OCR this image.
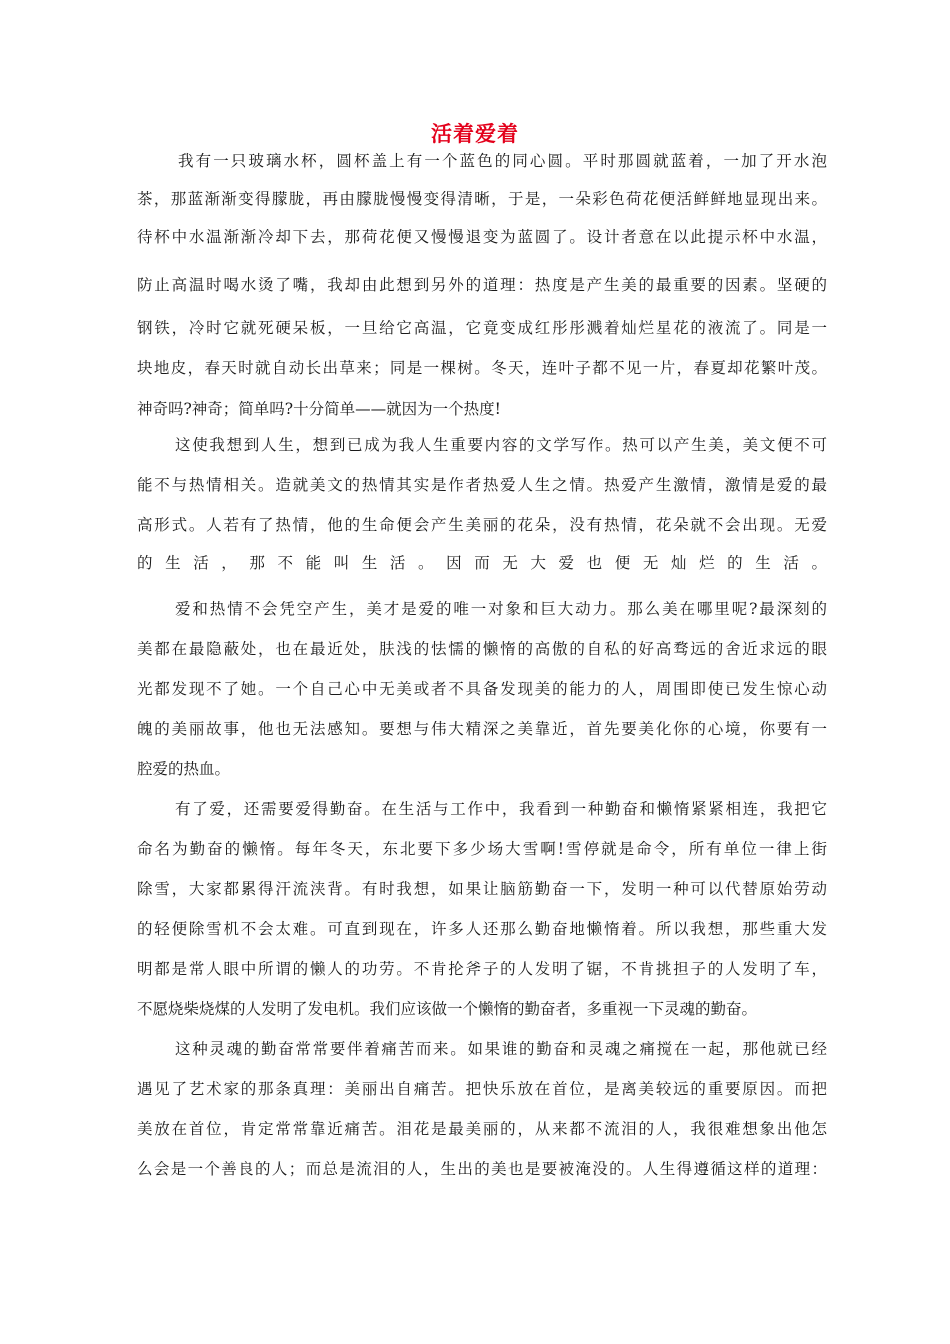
活着爱着
我有一只玻璃水杯，圆杯盖上有一个蓝色的同心圆。平时那圆就蓝着，一加了开水泡
茶，那蓝渐渐变得朦胧，再由朦胧慢慢变得清晰，于是，一朵彩色荷花便活鲜鲜地显现出来。
待杯中水温渐渐冷却下去，那荷花便又慢慢退变为蓝圆了。设计者意在以此提示杯中水温，
防止高温时喝水烫了嘴，我却由此想到另外的道理：热度是产生美的最重要的因素。坚硬的
钢铁，冷时它就死硬呆板，一旦给它高温，它竟变成红彤彤溅着灿烂星花的液流了。同是一
块地皮，春天时就自动长出草来；同是一棵树。冬天，连叶子都不见一片，春夏却花繁叶茂。
神奇吗?神奇；简单吗?十分简单——就因为一个热度!
这使我想到人生，想到已成为我人生重要内容的文学写作。热可以产生美，美文便不可
能不与热情相关。造就美文的热情其实是作者热爱人生之情。热爱产生激情，激情是爱的最
高形式。人若有了热情，他的生命便会产生美丽的花朵，没有热情，花朵就不会出现。无爱
的生活，那不能叫生活。因而无大爱也便无灿烂的生活。
爱和热情不会凭空产生，美才是爱的唯一对象和巨大动力。那么美在哪里呢?最深刻的
美都在最隐蔽处，也在最近处，肤浅的怯懦的懒惰的高傲的自私的好高骛远的舍近求远的眼
光都发现不了她。一个自己心中无美或者不具备发现美的能力的人，周围即使已发生惊心动
魄的美丽故事，他也无法感知。要想与伟大精深之美靠近，首先要美化你的心境，你要有一
腔爱的热血。
有了爱，还需要爱得勤奋。在生活与工作中，我看到一种勤奋和懒惰紧紧相连，我把它
命名为勤奋的懒惰。每年冬天，东北要下多少场大雪啊!雪停就是命令，所有单位一律上街
除雪，大家都累得汗流浃背。有时我想，如果让脑筋勤奋一下，发明一种可以代替原始劳动
的轻便除雪机不会太难。可直到现在，许多人还那么勤奋地懒惰着。所以我想，那些重大发
明都是常人眼中所谓的懒人的功劳。不肯抡斧子的人发明了锯，不肯挑担子的人发明了车，
不愿烧柴烧煤的人发明了发电机。我们应该做一个懒惰的勤奋者，多重视一下灵魂的勤奋。
这种灵魂的勤奋常常要伴着痛苦而来。如果谁的勤奋和灵魂之痛搅在一起，那他就已经
遇见了艺术家的那条真理：美丽出自痛苦。把快乐放在首位，是离美较远的重要原因。而把
美放在首位，肯定常常靠近痛苦。泪花是最美丽的，从来都不流泪的人，我很难想象出他怎
么会是一个善良的人；而总是流泪的人，生出的美也是要被淹没的。人生得遵循这样的道理：
